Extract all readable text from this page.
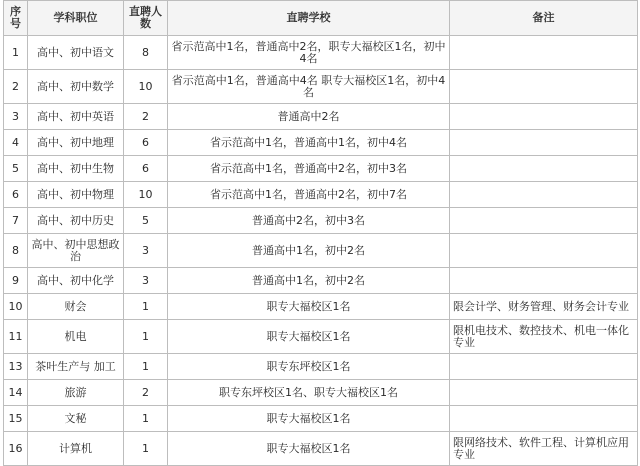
序号	学科职位	直聘人数	直聘学校	备注
1	高中、初中语文	8	省示范高中1名，普通高中2名，职专大福校区1名，初中4名	
2	高中、初中数学	10	省示范高中1名，普通高中4名 职专大福校区1名，初中4名	
3	高中、初中英语	2	普通高中2名	
4	高中、初中地理	6	省示范高中1名，普通高中1名，初中4名	
5	高中、初中生物	6	省示范高中1名，普通高中2名，初中3名	
6	高中、初中物理	10	省示范高中1名，普通高中2名，初中7名	
7	高中、初中历史	5	普通高中2名，初中3名	
8	高中、初中思想政治	3	普通高中1名，初中2名	
9	高中、初中化学	3	普通高中1名，初中2名	
10	财会	1	职专大福校区1名	限会计学、财务管理、财务会计专业
11	机电	1	职专大福校区1名	限机电技术、数控技术、机电一体化专业
13	茶叶生产与 加工	1	职专东坪校区1名	
14	旅游	2	职专东坪校区1名、职专大福校区1名	
15	文秘	1	职专大福校区1名	
16	计算机	1	职专大福校区1名	限网络技术、软件工程、计算机应用专业
